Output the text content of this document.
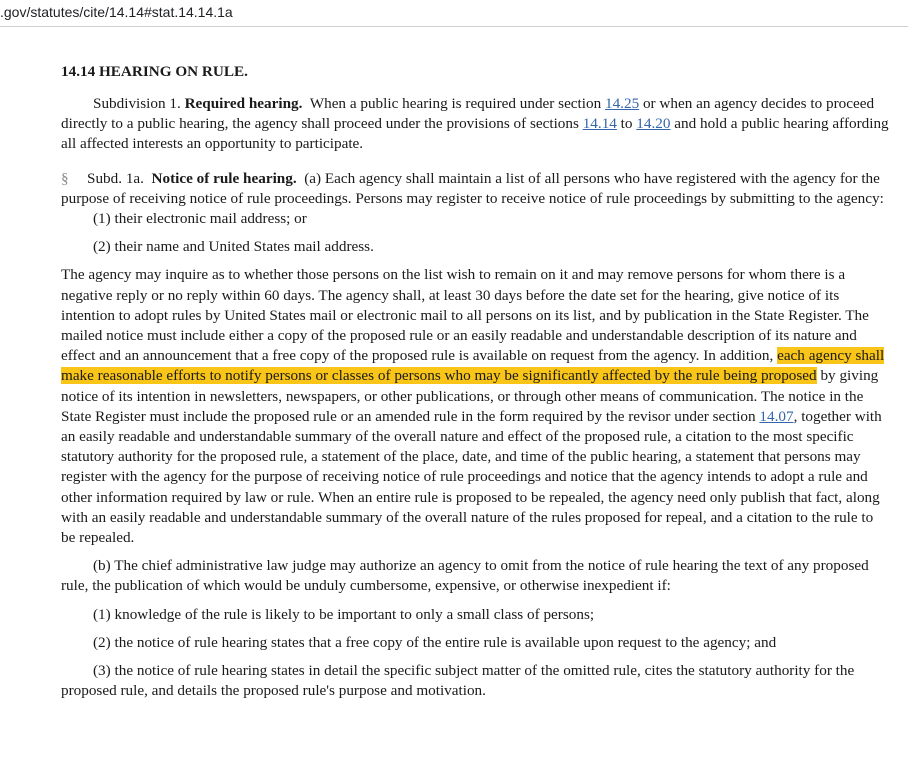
.gov/statutes/cite/14.14#stat.14.14.1a
14.14 HEARING ON RULE.

Subdivision 1. Required hearing. When a public hearing is required under section 14.25 or when an agency decides to proceed directly to a public hearing, the agency shall proceed under the provisions of sections 14.14 to 14.20 and hold a public hearing affording all affected interests an opportunity to participate.

§ Subd. 1a. Notice of rule hearing. (a) Each agency shall maintain a list of all persons who have registered with the agency for the purpose of receiving notice of rule proceedings. Persons may register to receive notice of rule proceedings by submitting to the agency:

(1) their electronic mail address; or

(2) their name and United States mail address.

The agency may inquire as to whether those persons on the list wish to remain on it and may remove persons for whom there is a negative reply or no reply within 60 days. The agency shall, at least 30 days before the date set for the hearing, give notice of its intention to adopt rules by United States mail or electronic mail to all persons on its list, and by publication in the State Register. The mailed notice must include either a copy of the proposed rule or an easily readable and understandable description of its nature and effect and an announcement that a free copy of the proposed rule is available on request from the agency. In addition, each agency shall make reasonable efforts to notify persons or classes of persons who may be significantly affected by the rule being proposed by giving notice of its intention in newsletters, newspapers, or other publications, or through other means of communication. The notice in the State Register must include the proposed rule or an amended rule in the form required by the revisor under section 14.07, together with an easily readable and understandable summary of the overall nature and effect of the proposed rule, a citation to the most specific statutory authority for the proposed rule, a statement of the place, date, and time of the public hearing, a statement that persons may register with the agency for the purpose of receiving notice of rule proceedings and notice that the agency intends to adopt a rule and other information required by law or rule. When an entire rule is proposed to be repealed, the agency need only publish that fact, along with an easily readable and understandable summary of the overall nature of the rules proposed for repeal, and a citation to the rule to be repealed.

(b) The chief administrative law judge may authorize an agency to omit from the notice of rule hearing the text of any proposed rule, the publication of which would be unduly cumbersome, expensive, or otherwise inexpedient if:

(1) knowledge of the rule is likely to be important to only a small class of persons;

(2) the notice of rule hearing states that a free copy of the entire rule is available upon request to the agency; and

(3) the notice of rule hearing states in detail the specific subject matter of the omitted rule, cites the statutory authority for the proposed rule, and details the proposed rule's purpose and motivation.
